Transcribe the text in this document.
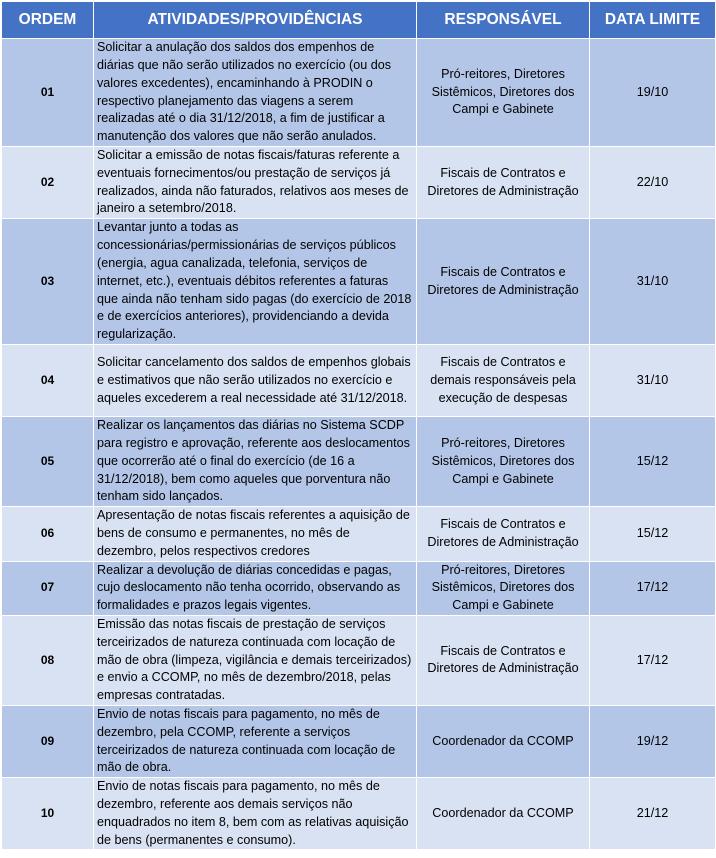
ORDEM	ATIVIDADES/PROVIDÊNCIAS	RESPONSÁVEL	DATA LIMITE
01	Solicitar a anulação dos saldos dos empenhos de diárias que não serão utilizados no exercício (ou dos valores excedentes), encaminhando à PRODIN o respectivo planejamento das viagens a serem realizadas até o dia 31/12/2018, a fim de justificar a manutenção dos valores que não serão anulados.	Pró-reitores, Diretores Sistêmicos, Diretores dos Campi e Gabinete	19/10
02	Solicitar a emissão de notas fiscais/faturas referente a eventuais fornecimentos/ou prestação de serviços já realizados, ainda não faturados, relativos aos meses de janeiro a setembro/2018.	Fiscais de Contratos e Diretores de Administração	22/10
03	Levantar junto a todas as concessionárias/permissionárias de serviços públicos (energia, agua canalizada, telefonia, serviços de internet, etc.), eventuais débitos referentes a faturas que ainda não tenham sido pagas (do exercício de 2018 e de exercícios anteriores), providenciando a devida regularização.	Fiscais de Contratos e Diretores de Administração	31/10
04	Solicitar cancelamento dos saldos de empenhos globais e estimativos que não serão utilizados no exercício e aqueles excederem a real necessidade até 31/12/2018.	Fiscais de Contratos e demais responsáveis pela execução de despesas	31/10
05	Realizar os lançamentos das diárias no Sistema SCDP para registro e aprovação, referente aos deslocamentos que ocorrerão até o final do exercício (de 16 a 31/12/2018), bem como aqueles que porventura não tenham sido lançados.	Pró-reitores, Diretores Sistêmicos, Diretores dos Campi e Gabinete	15/12
06	Apresentação de notas fiscais referentes a aquisição de bens de consumo e permanentes, no mês de dezembro, pelos respectivos credores	Fiscais de Contratos e Diretores de Administração	15/12
07	Realizar a devolução de diárias concedidas e pagas, cujo deslocamento não tenha ocorrido, observando as formalidades e prazos legais vigentes.	Pró-reitores, Diretores Sistêmicos, Diretores dos Campi e Gabinete	17/12
08	Emissão das notas fiscais de prestação de serviços terceirizados de natureza continuada com locação de mão de obra (limpeza, vigilância e demais terceirizados) e envio a CCOMP, no mês de dezembro/2018, pelas empresas contratadas.	Fiscais de Contratos e Diretores de Administração	17/12
09	Envio de notas fiscais para pagamento, no mês de dezembro, pela CCOMP, referente a serviços terceirizados de natureza continuada com locação de mão de obra.	Coordenador da CCOMP	19/12
10	Envio de notas fiscais para pagamento, no mês de dezembro, referente aos demais serviços não enquadrados no item 8, bem com as relativas aquisição de bens (permanentes e consumo).	Coordenador da CCOMP	21/12
